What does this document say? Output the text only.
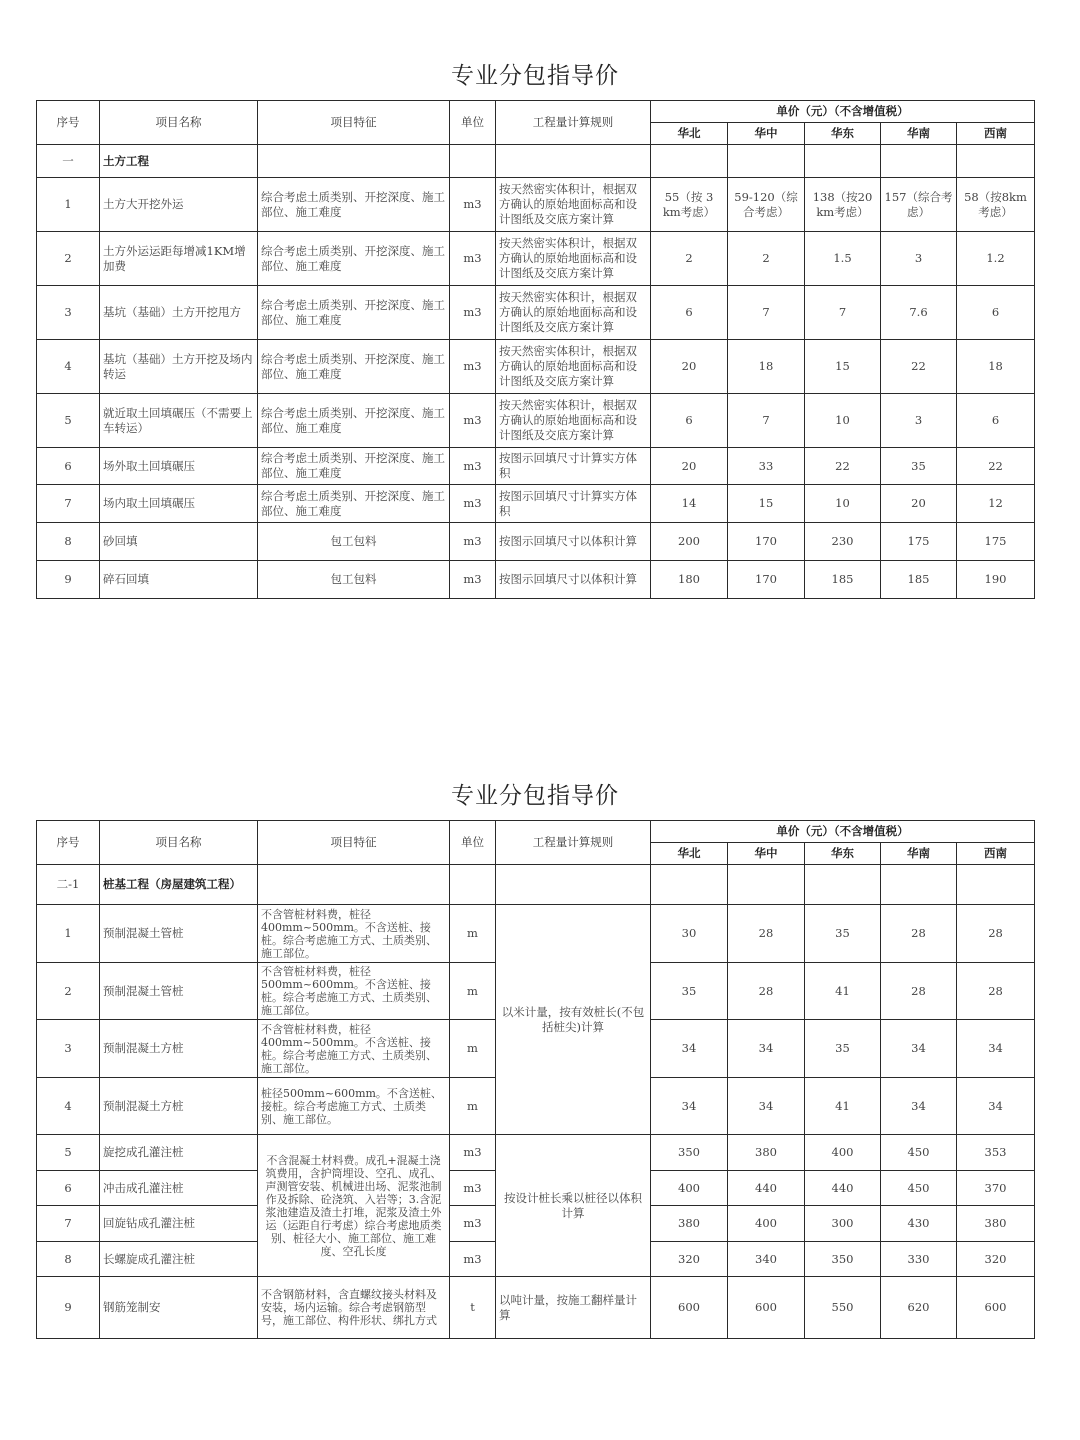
专业分包指导价
序号	项目名称	项目特征	单位	工程量计算规则	单价（元）（不含增值税）				
					华北	华中	华东	华南	西南
一	土方工程								
1	土方大开挖外运	综合考虑土质类别、开挖深度、施工部位、施工难度	m3	按天然密实体积计，根据双方确认的原始地面标高和设计图纸及交底方案计算	55（按 3 km考虑）	59-120（综合考虑）	138（按20 km考虑）	157（综合考虑）	58（按8km考虑）
2	土方外运运距每增减1KM增加费	综合考虑土质类别、开挖深度、施工部位、施工难度	m3	按天然密实体积计，根据双方确认的原始地面标高和设计图纸及交底方案计算	2	2	1.5	3	1.2
3	基坑（基础）土方开挖甩方	综合考虑土质类别、开挖深度、施工部位、施工难度	m3	按天然密实体积计，根据双方确认的原始地面标高和设计图纸及交底方案计算	6	7	7	7.6	6
4	基坑（基础）土方开挖及场内转运	综合考虑土质类别、开挖深度、施工部位、施工难度	m3	按天然密实体积计，根据双方确认的原始地面标高和设计图纸及交底方案计算	20	18	15	22	18
5	就近取土回填碾压（不需要上车转运）	综合考虑土质类别、开挖深度、施工部位、施工难度	m3	按天然密实体积计，根据双方确认的原始地面标高和设计图纸及交底方案计算	6	7	10	3	6
6	场外取土回填碾压	综合考虑土质类别、开挖深度、施工部位、施工难度	m3	按图示回填尺寸计算实方体积	20	33	22	35	22
7	场内取土回填碾压	综合考虑土质类别、开挖深度、施工部位、施工难度	m3	按图示回填尺寸计算实方体积	14	15	10	20	12
8	砂回填	包工包料	m3	按图示回填尺寸以体积计算	200	170	230	175	175
9	碎石回填	包工包料	m3	按图示回填尺寸以体积计算	180	170	185	185	190
专业分包指导价
序号	项目名称	项目特征	单位	工程量计算规则	单价（元）（不含增值税）				
					华北	华中	华东	华南	西南
二-1	桩基工程（房屋建筑工程）								
1	预制混凝土管桩	不含管桩材料费，桩径400mm~500mm。不含送桩、接桩。综合考虑施工方式、土质类别、施工部位。	m	以米计量，按有效桩长(不包括桩尖)计算	30	28	35	28	28
2	预制混凝土管桩	不含管桩材料费，桩径500mm~600mm。不含送桩、接桩。综合考虑施工方式、土质类别、施工部位。	m		35	28	41	28	28
3	预制混凝土方桩	不含管桩材料费，桩径400mm~500mm。不含送桩、接桩。综合考虑施工方式、土质类别、施工部位。	m		34	34	35	34	34
4	预制混凝土方桩	桩径500mm~600mm。不含送桩、接桩。综合考虑施工方式、土质类别、施工部位。	m		34	34	41	34	34
5	旋挖成孔灌注桩	不含混凝土材料费。成孔+混凝土浇筑费用，含护筒埋设、空孔、成孔、声测管安装、机械进出场、泥浆池制作及拆除、砼浇筑、入岩等；3.含泥浆池建造及渣土打堆，泥浆及渣土外运（运距自行考虑）综合考虑地质类别、桩径大小、施工部位、施工难度、空孔长度	m3	按设计桩长乘以桩径以体积计算	350	380	400	450	353
6	冲击成孔灌注桩		m3		400	440	440	450	370
7	回旋钻成孔灌注桩		m3		380	400	300	430	380
8	长螺旋成孔灌注桩		m3		320	340	350	330	320
9	钢筋笼制安	不含钢筋材料，含直螺纹接头材料及安装，场内运输。综合考虑钢筋型号，施工部位、构件形状、绑扎方式	t	以吨计量，按施工翻样量计算	600	600	550	620	600
